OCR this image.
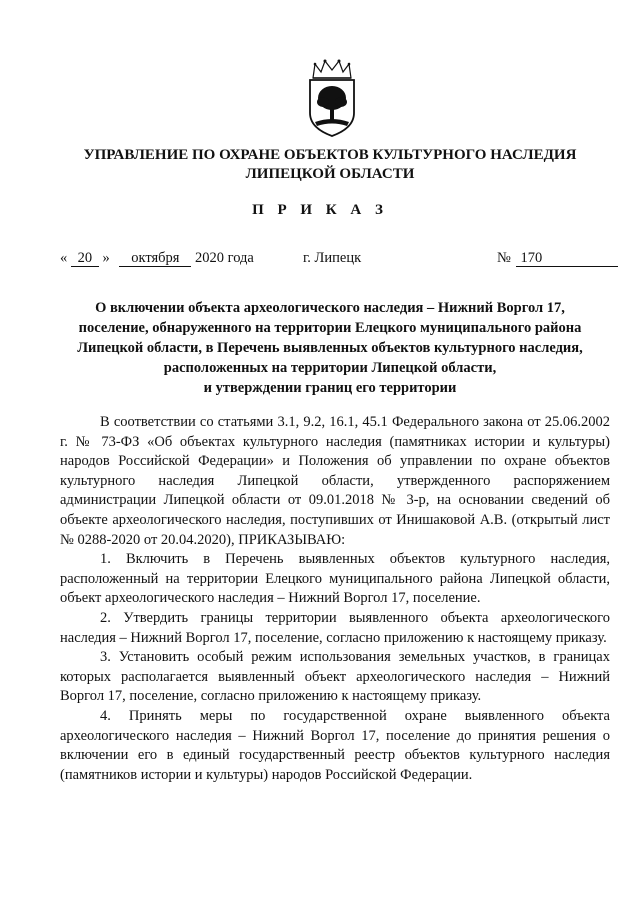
УПРАВЛЕНИЕ ПО ОХРАНЕ ОБЪЕКТОВ КУЛЬТУРНОГО НАСЛЕДИЯ
ЛИПЕЦКОЙ ОБЛАСТИ
П Р И К А З
« 20 » октября 2020 года	г. Липецк	№ 170
О включении объекта археологического наследия – Нижний Воргол 17,
поселение, обнаруженного на территории Елецкого муниципального района
Липецкой области, в Перечень выявленных объектов культурного наследия,
расположенных на территории Липецкой области,
и утверждении границ его территории

В соответствии со статьями 3.1, 9.2, 16.1, 45.1 Федерального закона от 25.06.2002 г. № 73-ФЗ «Об объектах культурного наследия (памятниках истории и культуры) народов Российской Федерации» и Положения об управлении по охране объектов культурного наследия Липецкой области, утвержденного распоряжением администрации Липецкой области от 09.01.2018 № 3-р, на основании сведений об объекте археологического наследия, поступивших от Инишаковой А.В. (открытый лист № 0288-2020 от 20.04.2020), ПРИКАЗЫВАЮ:

1. Включить в Перечень выявленных объектов культурного наследия, расположенный на территории Елецкого муниципального района Липецкой области, объект археологического наследия – Нижний Воргол 17, поселение.

2. Утвердить границы территории выявленного объекта археологического наследия – Нижний Воргол 17, поселение, согласно приложению к настоящему приказу.

3. Установить особый режим использования земельных участков, в границах которых располагается выявленный объект археологического наследия – Нижний Воргол 17, поселение, согласно приложению к настоящему приказу.

4. Принять меры по государственной охране выявленного объекта археологического наследия – Нижний Воргол 17, поселение до принятия решения о включении его в единый государственный реестр объектов культурного наследия (памятников истории и культуры) народов Российской Федерации.
